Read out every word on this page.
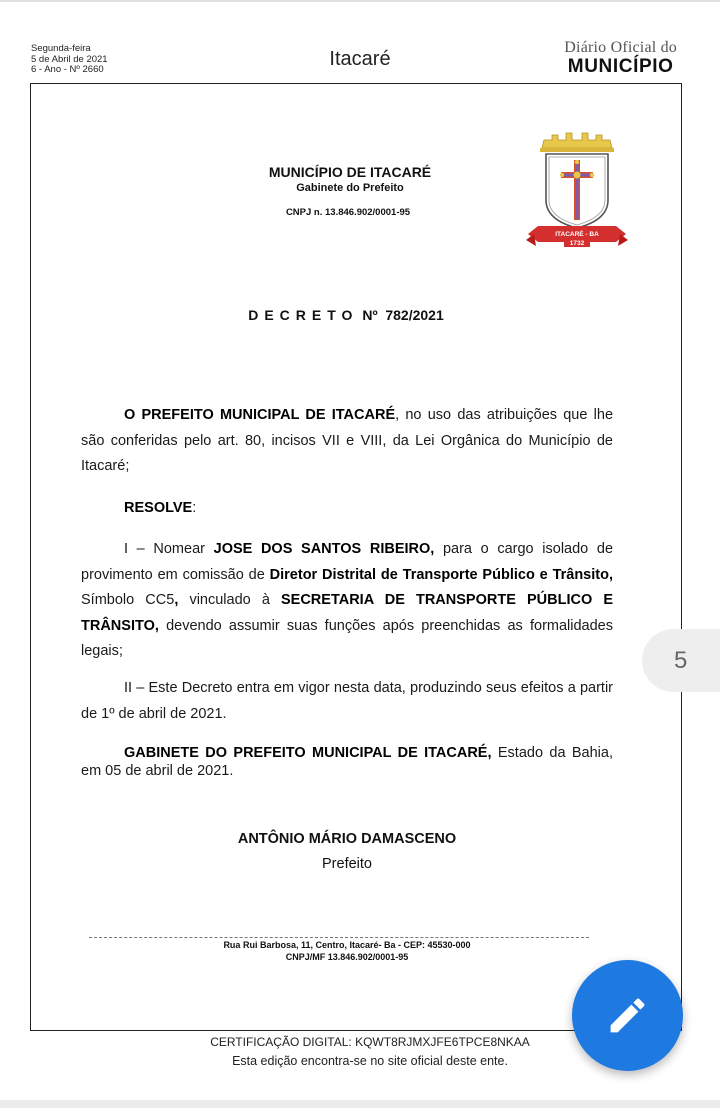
Segunda-feira
5 de Abril de 2021
6 - Ano - Nº 2660	Itacaré
Diário Oficial do
MUNICÍPIO
MUNICÍPIO DE ITACARÉ
Gabinete do Prefeito
CNPJ n. 13.846.902/0001-95
ITACARÉ - BA
1732
DECRETO Nº 782/2021
O PREFEITO MUNICIPAL DE ITACARÉ, no uso das atribuições que lhe são conferidas pelo art. 80, incisos VII e VIII, da Lei Orgânica do Município de Itacaré;
RESOLVE:
I – Nomear JOSE DOS SANTOS RIBEIRO, para o cargo isolado de provimento em comissão de Diretor Distrital de Transporte Público e Trânsito, Símbolo CC5, vinculado à SECRETARIA DE TRANSPORTE PÚBLICO E TRÂNSITO, devendo assumir suas funções após preenchidas as formalidades legais;
II – Este Decreto entra em vigor nesta data, produzindo seus efeitos a partir de 1º de abril de 2021.
GABINETE DO PREFEITO MUNICIPAL DE ITACARÉ, Estado da Bahia, em 05 de abril de 2021.
ANTÔNIO MÁRIO DAMASCENO
Prefeito
Rua Rui Barbosa, 11, Centro, Itacaré- Ba - CEP: 45530-000
CNPJ/MF 13.846.902/0001-95
CERTIFICAÇÃO DIGITAL: KQWT8RJMXJFE6TPCE8NKAA
Esta edição encontra-se no site oficial deste ente.
5
